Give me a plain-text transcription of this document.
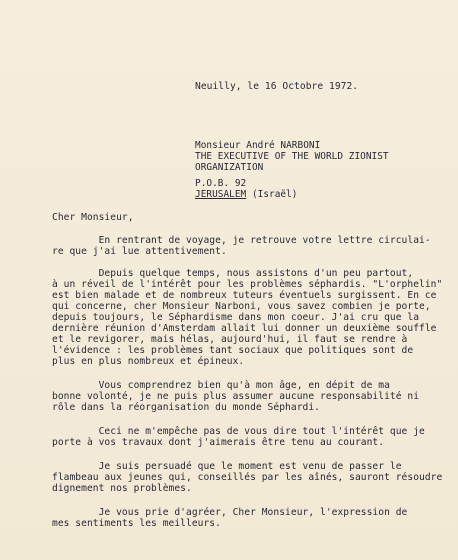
Neuilly, le 16 Octobre 1972.
Monsieur André NARBONI
THE EXECUTIVE OF THE WORLD ZIONIST
ORGANIZATION
P.O.B. 92
JERUSALEM (Israël)
Cher Monsieur,
En rentrant de voyage, je retrouve votre lettre circulai-
re que j'ai lue attentivement.
Depuis quelque temps, nous assistons d'un peu partout,
à un réveil de l'intérêt pour les problèmes séphardis. "L'orphelin"
est bien malade et de nombreux tuteurs éventuels surgissent. En ce
qui concerne, cher Monsieur Narboni, vous savez combien je porte,
depuis toujours, le Séphardisme dans mon coeur. J'ai cru que la
dernière réunion d'Amsterdam allait lui donner un deuxième souffle
et le revigorer, mais hélas, aujourd'hui, il faut se rendre à
l'évidence : les problèmes tant sociaux que politiques sont de
plus en plus nombreux et épineux.
Vous comprendrez bien qu'à mon âge, en dépit de ma
bonne volonté, je ne puis plus assumer aucune responsabilité ni
rôle dans la réorganisation du monde Séphardi.
Ceci ne m'empêche pas de vous dire tout l'intérêt que je
porte à vos travaux dont j'aimerais être tenu au courant.
Je suis persuadé que le moment est venu de passer le
flambeau aux jeunes qui, conseillés par les aînés, sauront résoudre
dignement nos problèmes.
Je vous prie d'agréer, Cher Monsieur, l'expression de
mes sentiments les meilleurs.
